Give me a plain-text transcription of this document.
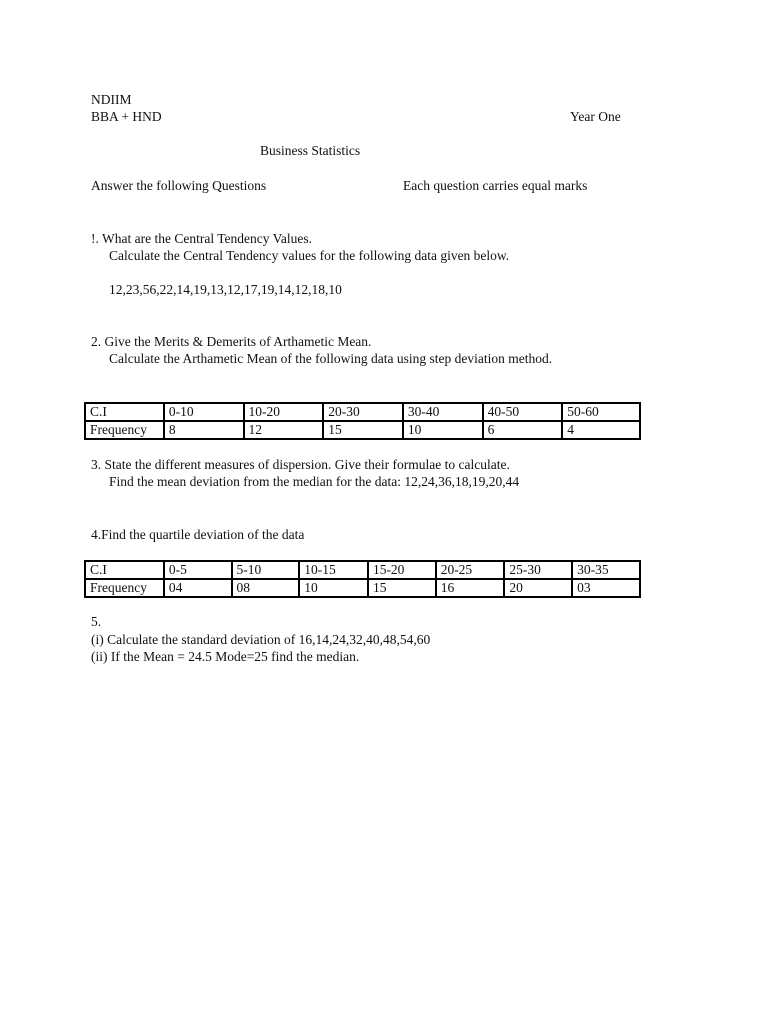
NDIIM
BBA + HND	Year One
Business Statistics
Answer the following Questions	Each question carries equal marks
!. What are the Central Tendency Values.
Calculate the Central Tendency values for the following data given below.
12,23,56,22,14,19,13,12,17,19,14,12,18,10
2. Give the Merits & Demerits of Arthametic Mean.
Calculate the Arthametic Mean of the following data using step deviation method.
C.I	0-10	10-20	20-30	30-40	40-50	50-60
Frequency	8	12	15	10	6	4
3. State the different measures of dispersion. Give their formulae to calculate.
Find the mean deviation from the median for the data: 12,24,36,18,19,20,44
4.Find the quartile deviation of the data
C.I	0-5	5-10	10-15	15-20	20-25	25-30	30-35
Frequency	04	08	10	15	16	20	03
5.
(i) Calculate the standard deviation of 16,14,24,32,40,48,54,60
(ii) If the Mean = 24.5 Mode=25 find the median.
